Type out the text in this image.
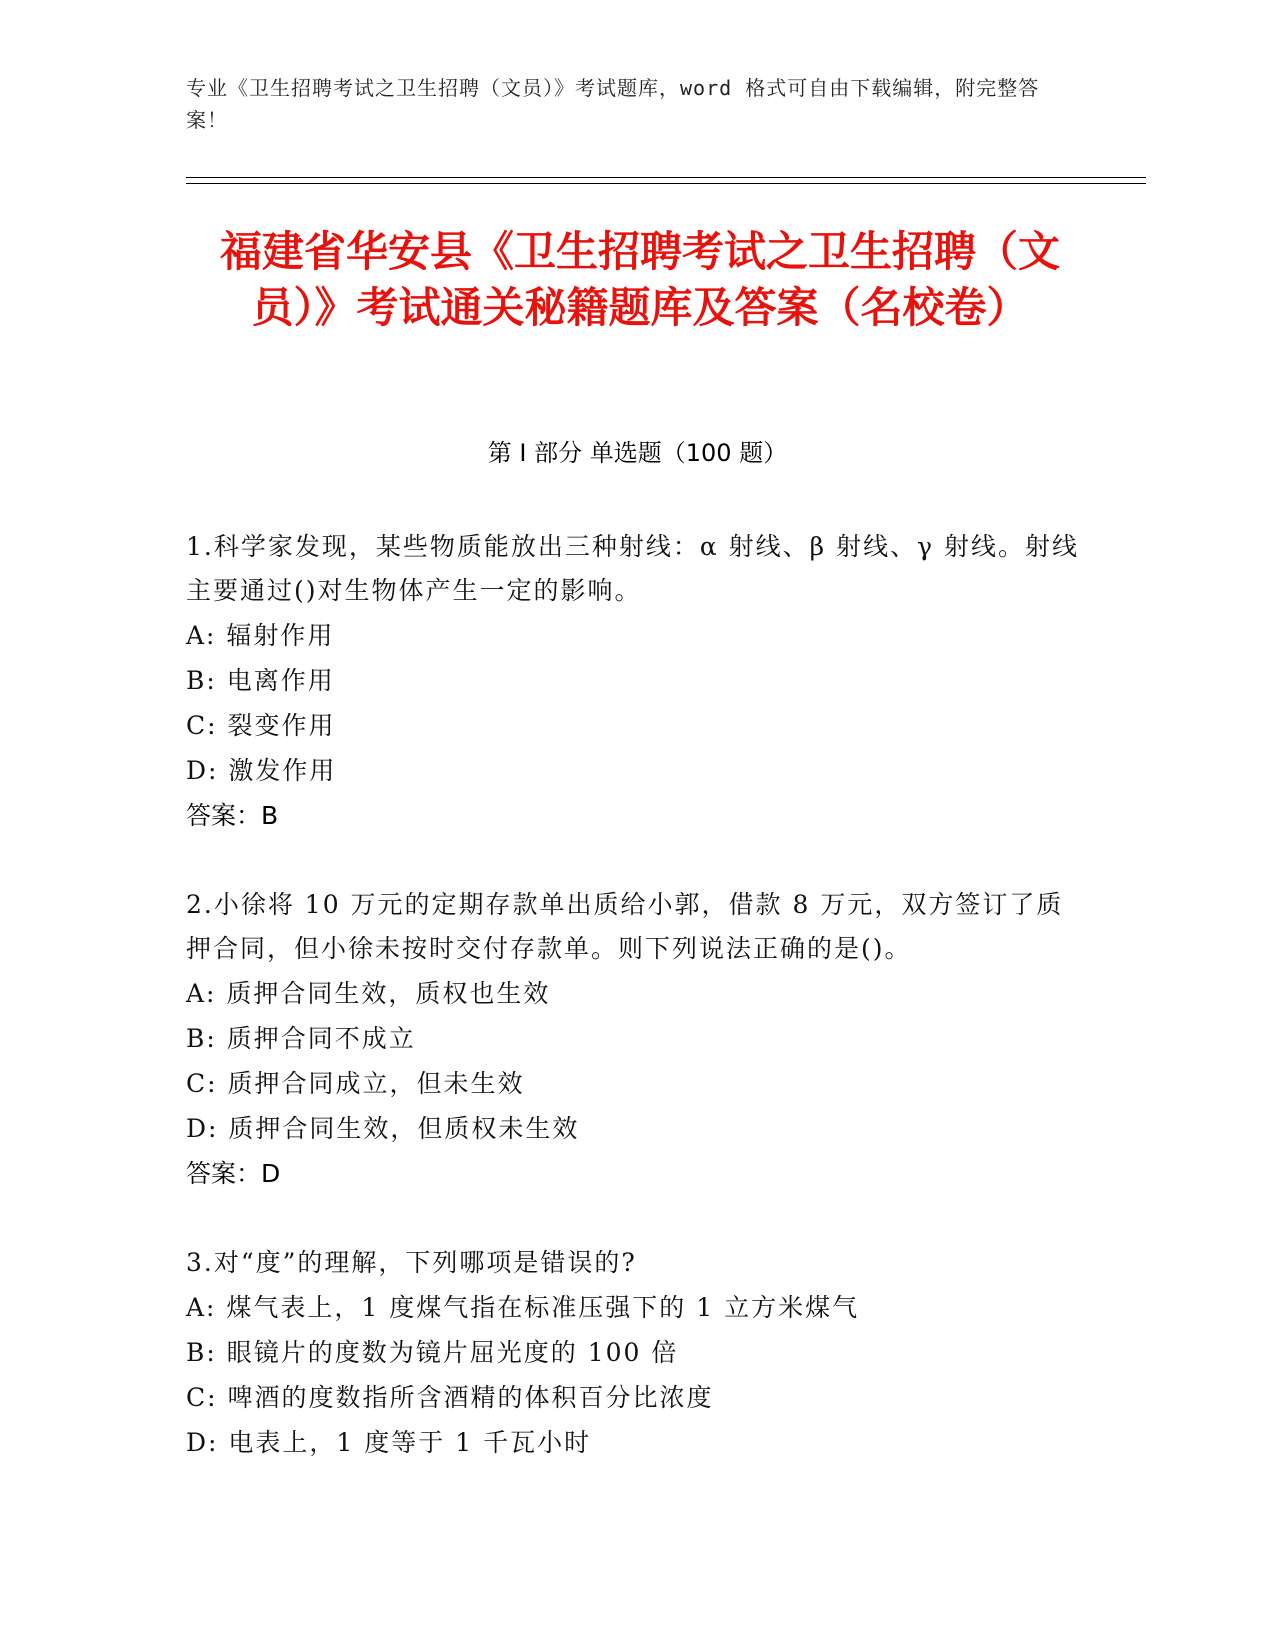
专业《卫生招聘考试之卫生招聘（文员）》考试题库，word 格式可自由下载编辑，附完整答案！
福建省华安县《卫生招聘考试之卫生招聘（文员）》考试通关秘籍题库及答案（名校卷）
第 I 部分 单选题（100 题）
1.科学家发现，某些物质能放出三种射线：α 射线、β 射线、γ 射线。射线主要通过()对生物体产生一定的影响。
A: 辐射作用
B: 电离作用
C: 裂变作用
D: 激发作用
答案：B
2.小徐将 10 万元的定期存款单出质给小郭，借款 8 万元，双方签订了质押合同，但小徐未按时交付存款单。则下列说法正确的是()。
A: 质押合同生效，质权也生效
B: 质押合同不成立
C: 质押合同成立，但未生效
D: 质押合同生效，但质权未生效
答案：D
3.对“度”的理解，下列哪项是错误的?
A: 煤气表上，1 度煤气指在标准压强下的 1 立方米煤气
B: 眼镜片的度数为镜片屈光度的 100 倍
C: 啤酒的度数指所含酒精的体积百分比浓度
D: 电表上，1 度等于 1 千瓦小时
